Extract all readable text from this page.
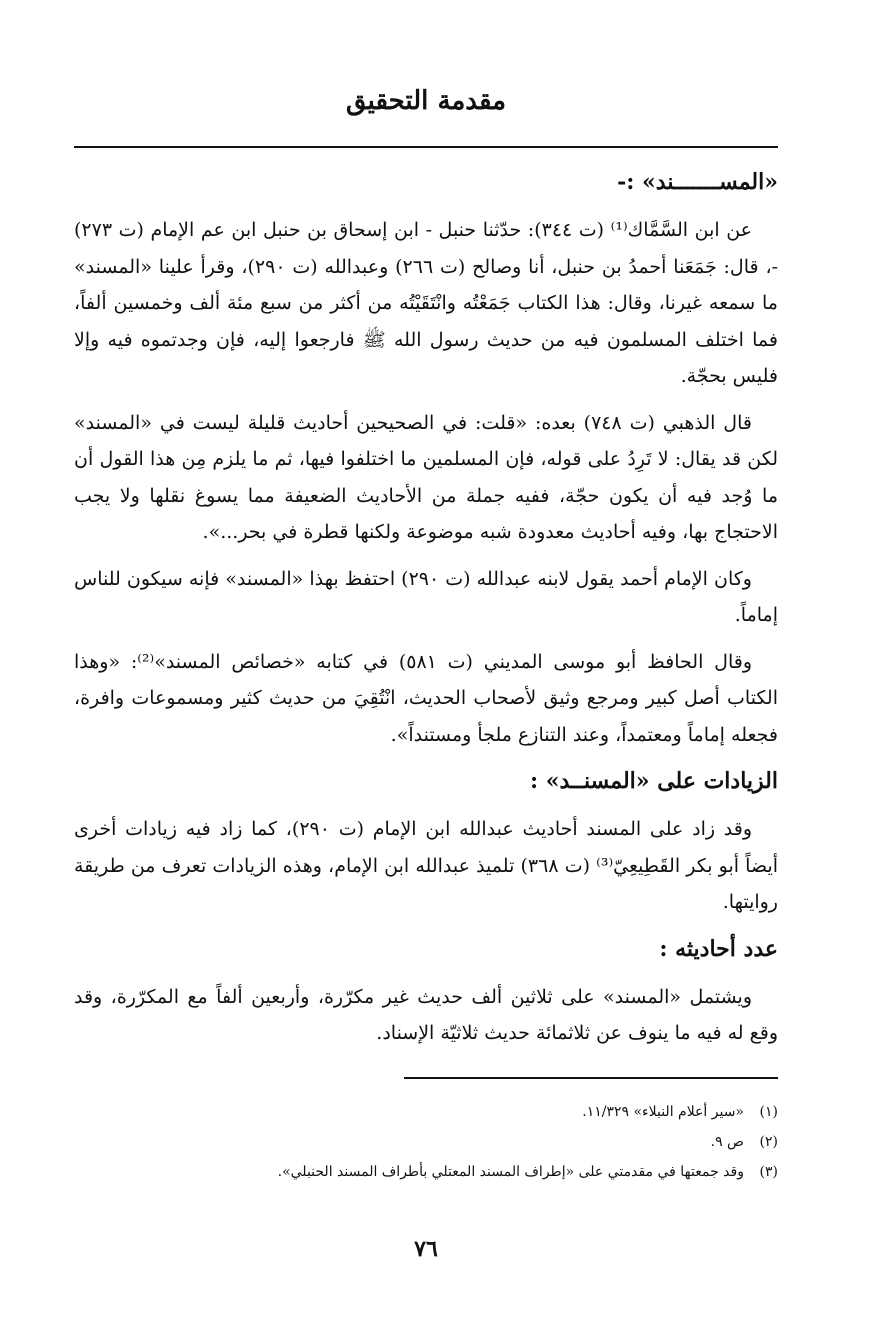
مقدمة التحقيق
«المســـــــند» :-

عن ابن السَّمَّاك⁽¹⁾ (ت ٣٤٤): حدّثنا حنبل - ابن إسحاق بن حنبل ابن عم الإمام (ت ٢٧٣) -، قال: جَمَعَنا أحمدُ بن حنبل، أنا وصالح (ت ٢٦٦) وعبدالله (ت ٢٩٠)، وقرأ علينا «المسند» ما سمعه غيرنا، وقال: هذا الكتاب جَمَعْتُه وانْتَقَيْتُه من أكثر من سبع مئة ألف وخمسين ألفاً، فما اختلف المسلمون فيه من حديث رسول الله ﷺ فارجعوا إليه، فإن وجدتموه فيه وإلا فليس بحجّة.

قال الذهبي (ت ٧٤٨) بعده: «قلت: في الصحيحين أحاديث قليلة ليست في «المسند» لكن قد يقال: لا تَرِدُ على قوله، فإن المسلمين ما اختلفوا فيها، ثم ما يلزم مِن هذا القول أن ما وُجد فيه أن يكون حجّة، ففيه جملة من الأحاديث الضعيفة مما يسوغ نقلها ولا يجب الاحتجاج بها، وفيه أحاديث معدودة شبه موضوعة ولكنها قطرة في بحر...».

وكان الإمام أحمد يقول لابنه عبدالله (ت ٢٩٠) احتفظ بهذا «المسند» فإنه سيكون للناس إماماً.

وقال الحافظ أبو موسى المديني (ت ٥٨١) في كتابه «خصائص المسند»⁽²⁾: «وهذا الكتاب أصل كبير ومرجع وثيق لأصحاب الحديث، انْتُقِيَ من حديث كثير ومسموعات وافرة، فجعله إماماً ومعتمداً، وعند التنازع ملجأ ومستنداً».

الزيادات على «المسنــد» :

وقد زاد على المسند أحاديث عبدالله ابن الإمام (ت ٢٩٠)، كما زاد فيه زيادات أخرى أيضاً أبو بكر القَطِيعِيّ⁽³⁾ (ت ٣٦٨) تلميذ عبدالله ابن الإمام، وهذه الزيادات تعرف من طريقة روايتها.

عدد أحاديثه :

ويشتمل «المسند» على ثلاثين ألف حديث غير مكرّرة، وأربعين ألفاً مع المكرّرة، وقد وقع له فيه ما ينوف عن ثلاثمائة حديث ثلاثيّة الإسناد.

(١)
«سير أعلام النبلاء» ١١/٣٢٩.
(٢)
ص ٩.
(٣)
وقد جمعتها في مقدمتي على «إطراف المسند المعتلي بأطراف المسند الحنبلي».
٧٦
